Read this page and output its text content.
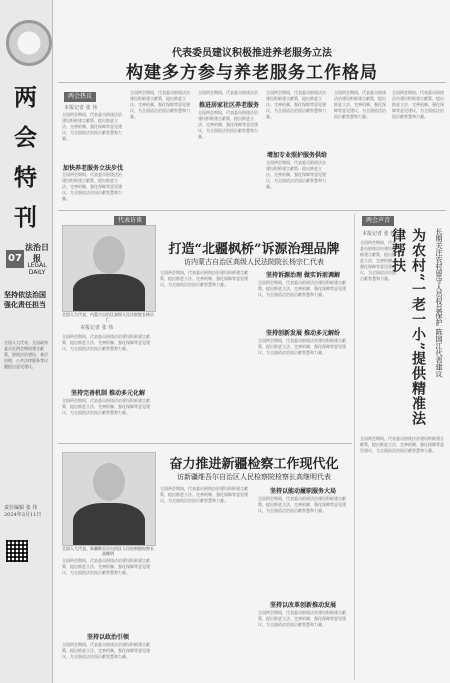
两会特刊
07
法治日报
LEGAL DAILY
坚持依法治国 强化责任担当
全国人大代表、全国政协委员在两会期间建言献策，围绕法治建设、基层治理、公共法律服务等议题提出意见建议。
责任编辑 张 伟 2024年3月11日
代表委员建议积极推进养老服务立法
构建多方参与养老服务工作格局
两会热议
本报记者 张 伟
全国两会期间，代表委员围绕法治建设积极建言献策，提出推进立法、完善机制、强化保障等意见建议，为全面依法治国贡献智慧和力量。
加快养老服务立法步伐
全国两会期间，代表委员围绕法治建设积极建言献策，提出推进立法、完善机制、强化保障等意见建议，为全面依法治国贡献智慧和力量。
全国两会期间，代表委员围绕法治建设积极建言献策，提出推进立法、完善机制、强化保障等意见建议，为全面依法治国贡献智慧和力量。
全国两会期间，代表委员围绕法治
推进居家社区养老服务
全国两会期间，代表委员围绕法治建设积极建言献策，提出推进立法、完善机制、强化保障等意见建议，为全面依法治国贡献智慧和力量。
全国两会期间，代表委员围绕法治建设积极建言献策，提出推进立法、完善机制、强化保障等意见建议，为全面依法治国贡献智慧和力量。
增加专业照护服务供给
全国两会期间，代表委员围绕法治建设积极建言献策，提出推进立法、完善机制、强化保障等意见建议，为全面依法治国贡献智慧和力量。
全国两会期间，代表委员围绕法治建设积极建言献策，提出推进立法、完善机制、强化保障等意见建议，为全面依法治国贡献智慧和力量。
全国两会期间，代表委员围绕法治建设积极建言献策，提出推进立法、完善机制、强化保障等意见建议，为全面依法治国贡献智慧和力量。
代表访谈
全国人大代表、内蒙古自治区高级人民法院院长杨宗仁
本报记者 张 伟
打造“北疆枫桥”诉源治理品牌
访内蒙古自治区高级人民法院院长杨宗仁代表
全国两会期间，代表委员围绕法治建设积极建言献策，提出推进立法、完善机制、强化保障等意见建议，为全面依法治国贡献智慧和力量。
坚持完善机制 推动多元化解
全国两会期间，代表委员围绕法治建设积极建言献策，提出推进立法、完善机制、强化保障等意见建议，为全面依法治国贡献智慧和力量。
全国两会期间，代表委员围绕法治建设积极建言献策，提出推进立法、完善机制、强化保障等意见建议，为全面依法治国贡献智慧和力量。
坚持诉源治理 做实诉前调解
全国两会期间，代表委员围绕法治建设积极建言献策，提出推进立法、完善机制、强化保障等意见建议，为全面依法治国贡献智慧和力量。
坚持创新发展 推动多元解纷
全国两会期间，代表委员围绕法治建设积极建言献策，提出推进立法、完善机制、强化保障等意见建议，为全面依法治国贡献智慧和力量。
两会声音
本报记者 张 伟
全国两会期间，代表委员围绕法治建设积极建言献策，提出推进立法、完善机制、强化保障等意见建议，为全面依法治国贡献智慧和力量。	为农村“一老一小”提供精准法律帮扶	长期关注农村留守人员权益保护 陈国江代表建议
全国两会期间，代表委员围绕法治建设积极建言献策，提出推进立法、完善机制、强化保障等意见建议，为全面依法治国贡献智慧和力量。
全国人大代表、新疆维吾尔自治区人民检察院检察长高继明
奋力推进新疆检察工作现代化
访新疆维吾尔自治区人民检察院检察长高继明代表
全国两会期间，代表委员围绕法治建设积极建言献策，提出推进立法、完善机制、强化保障等意见建议，为全面依法治国贡献智慧和力量。
坚持以政治引领
全国两会期间，代表委员围绕法治建设积极建言献策，提出推进立法、完善机制、强化保障等意见建议，为全面依法治国贡献智慧和力量。
全国两会期间，代表委员围绕法治建设积极建言献策，提出推进立法、完善机制、强化保障等意见建议，为全面依法治国贡献智慧和力量。
坚持以能动履职服务大局
全国两会期间，代表委员围绕法治建设积极建言献策，提出推进立法、完善机制、强化保障等意见建议，为全面依法治国贡献智慧和力量。
坚持以改革创新推动发展
全国两会期间，代表委员围绕法治建设积极建言献策，提出推进立法、完善机制、强化保障等意见建议，为全面依法治国贡献智慧和力量。
